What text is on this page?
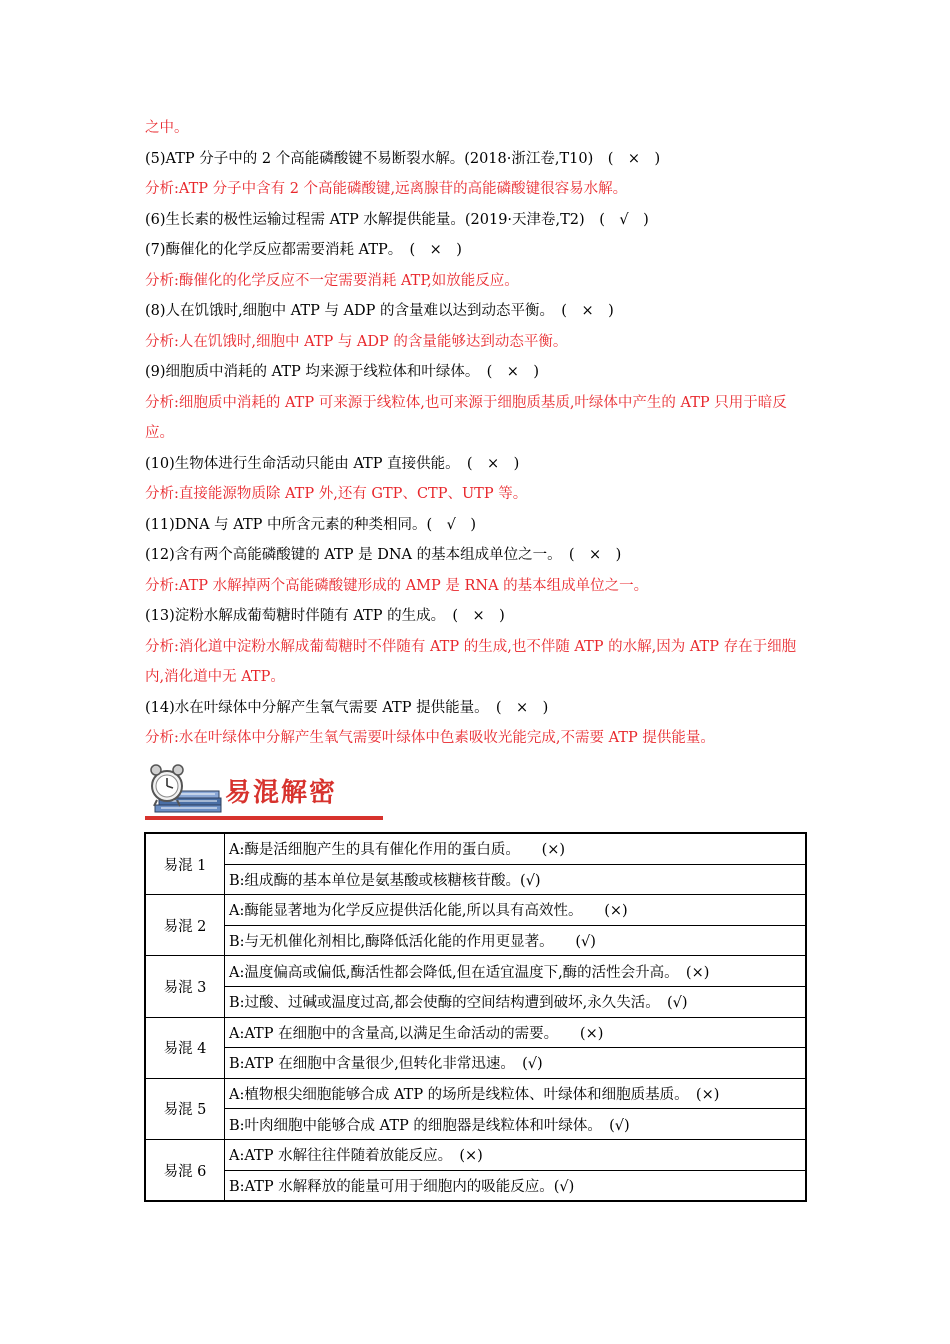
之中。
(5)ATP 分子中的 2 个高能磷酸键不易断裂水解。(2018·浙江卷,T10)　(　×　)
分析:ATP 分子中含有 2 个高能磷酸键,远离腺苷的高能磷酸键很容易水解。
(6)生长素的极性运输过程需 ATP 水解提供能量。(2019·天津卷,T2)　(　√　)
(7)酶催化的化学反应都需要消耗 ATP。　(　×　)
分析:酶催化的化学反应不一定需要消耗 ATP,如放能反应。
(8)人在饥饿时,细胞中 ATP 与 ADP 的含量难以达到动态平衡。　(　×　)
分析:人在饥饿时,细胞中 ATP 与 ADP 的含量能够达到动态平衡。
(9)细胞质中消耗的 ATP 均来源于线粒体和叶绿体。　(　×　)
分析:细胞质中消耗的 ATP 可来源于线粒体,也可来源于细胞质基质,叶绿体中产生的 ATP 只用于暗反应。
(10)生物体进行生命活动只能由 ATP 直接供能。　(　×　)
分析:直接能源物质除 ATP 外,还有 GTP、CTP、UTP 等。
(11)DNA 与 ATP 中所含元素的种类相同。(　√　)
(12)含有两个高能磷酸键的 ATP 是 DNA 的基本组成单位之一。　(　×　)
分析:ATP 水解掉两个高能磷酸键形成的 AMP 是 RNA 的基本组成单位之一。
(13)淀粉水解成葡萄糖时伴随有 ATP 的生成。　(　×　)
分析:消化道中淀粉水解成葡萄糖时不伴随有 ATP 的生成,也不伴随 ATP 的水解,因为 ATP 存在于细胞内,消化道中无 ATP。
(14)水在叶绿体中分解产生氧气需要 ATP 提供能量。　(　×　)
分析:水在叶绿体中分解产生氧气需要叶绿体中色素吸收光能完成,不需要 ATP 提供能量。
易混解密
易混 1	A:酶是活细胞产生的具有催化作用的蛋白质。　　(×)
	B:组成酶的基本单位是氨基酸或核糖核苷酸。(√)
易混 2	A:酶能显著地为化学反应提供活化能,所以具有高效性。　　(×)
	B:与无机催化剂相比,酶降低活化能的作用更显著。　　(√)
易混 3	A:温度偏高或偏低,酶活性都会降低,但在适宜温度下,酶的活性会升高。　(×)
	B:过酸、过碱或温度过高,都会使酶的空间结构遭到破坏,永久失活。　(√)
易混 4	A:ATP 在细胞中的含量高,以满足生命活动的需要。　　(×)
	B:ATP 在细胞中含量很少,但转化非常迅速。　(√)
易混 5	A:植物根尖细胞能够合成 ATP 的场所是线粒体、叶绿体和细胞质基质。　(×)
	B:叶肉细胞中能够合成 ATP 的细胞器是线粒体和叶绿体。　(√)
易混 6	A:ATP 水解往往伴随着放能反应。　(×)
	B:ATP 水解释放的能量可用于细胞内的吸能反应。(√)
